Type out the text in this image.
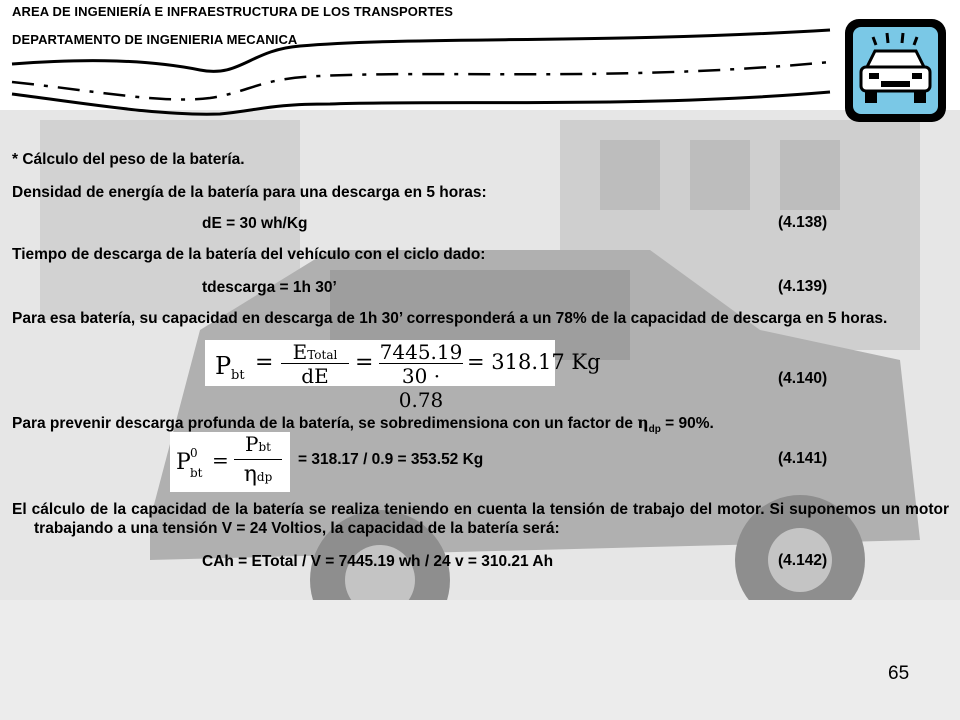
AREA DE INGENIERÍA E INFRAESTRUCTURA DE LOS TRANSPORTES
DEPARTAMENTO DE INGENIERIA MECANICA
* Cálculo del peso de la batería.
Densidad de energía de la batería para una descarga en 5 horas:
dE = 30 wh/Kg	(4.138)
Tiempo de descarga de la batería del vehículo con el ciclo dado:
tdescarga = 1h 30’	(4.139)
Para esa batería, su capacidad en descarga de 1h 30’ corresponderá a un 78% de la capacidad de descarga en 5 horas.
P bt
= ETotal
dE
= 7445.19
30 · 0.78
= 318.17 Kg
(4.140)
Para prevenir descarga profunda de la batería, se sobredimensiona con un factor de $\eta_{dp} = 90\%$.
P 0
bt
=
Pbt
ηdp
= 318.17 / 0.9 = 353.52 Kg	(4.141)
El cálculo de la capacidad de la batería se realiza teniendo en cuenta la tensión de trabajo del motor. Si suponemos un motor trabajando a una tensión V = 24 Voltios, la capacidad de la batería será:
CAh = ETotal / V = 7445.19 wh / 24 v = 310.21 Ah	(4.142)
65
